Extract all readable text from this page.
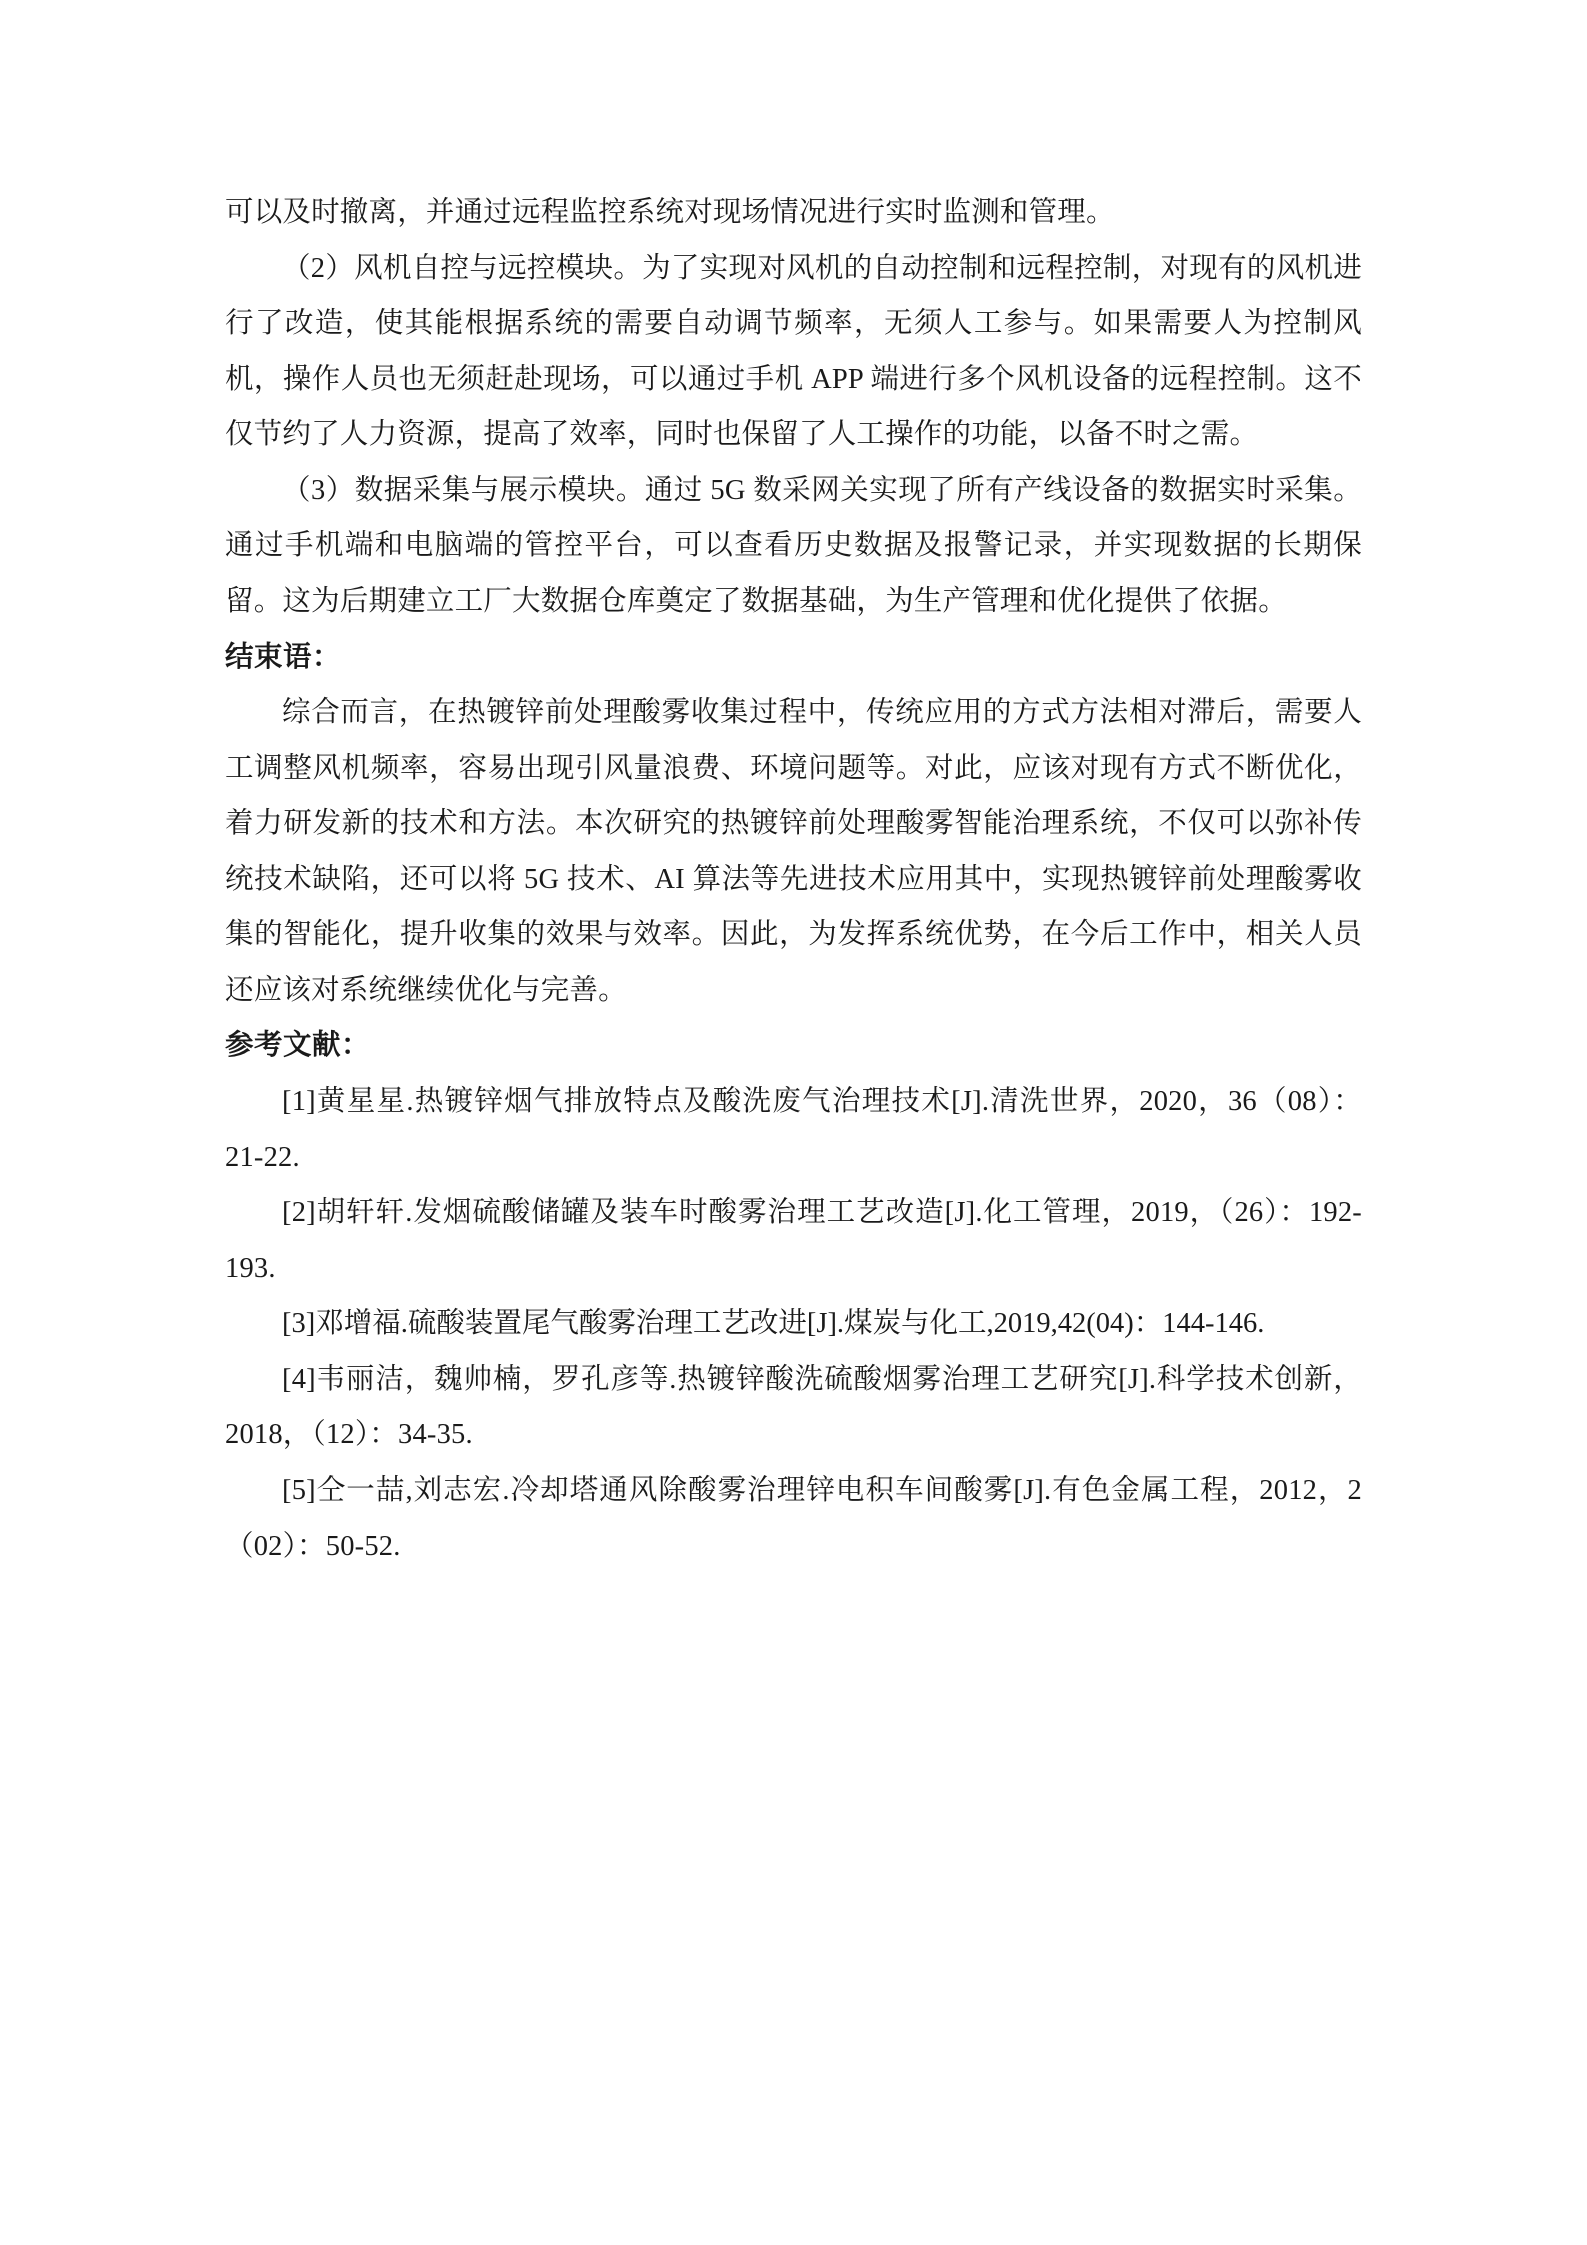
可以及时撤离，并通过远程监控系统对现场情况进行实时监测和管理。

（2）风机自控与远控模块。为了实现对风机的自动控制和远程控制，对现有的风机进行了改造，使其能根据系统的需要自动调节频率，无须人工参与。如果需要人为控制风机，操作人员也无须赶赴现场，可以通过手机 APP 端进行多个风机设备的远程控制。这不仅节约了人力资源，提高了效率，同时也保留了人工操作的功能，以备不时之需。

（3）数据采集与展示模块。通过 5G 数采网关实现了所有产线设备的数据实时采集。通过手机端和电脑端的管控平台，可以查看历史数据及报警记录，并实现数据的长期保留。这为后期建立工厂大数据仓库奠定了数据基础，为生产管理和优化提供了依据。

结束语：

综合而言，在热镀锌前处理酸雾收集过程中，传统应用的方式方法相对滞后，需要人工调整风机频率，容易出现引风量浪费、环境问题等。对此，应该对现有方式不断优化，着力研发新的技术和方法。本次研究的热镀锌前处理酸雾智能治理系统，不仅可以弥补传统技术缺陷，还可以将 5G 技术、AI 算法等先进技术应用其中，实现热镀锌前处理酸雾收集的智能化，提升收集的效果与效率。因此，为发挥系统优势，在今后工作中，相关人员还应该对系统继续优化与完善。

参考文献：

[1]黄星星.热镀锌烟气排放特点及酸洗废气治理技术[J].清洗世界，2020，36（08）：21-22.

[2]胡轩轩.发烟硫酸储罐及装车时酸雾治理工艺改造[J].化工管理，2019，（26）：192-193.

[3]邓增福.硫酸装置尾气酸雾治理工艺改进[J].煤炭与化工,2019,42(04)：144-146.

[4]韦丽洁，魏帅楠，罗孔彦等.热镀锌酸洗硫酸烟雾治理工艺研究[J].科学技术创新，2018，（12）：34-35.

[5]仝一喆,刘志宏.冷却塔通风除酸雾治理锌电积车间酸雾[J].有色金属工程，2012，2（02）：50-52.
